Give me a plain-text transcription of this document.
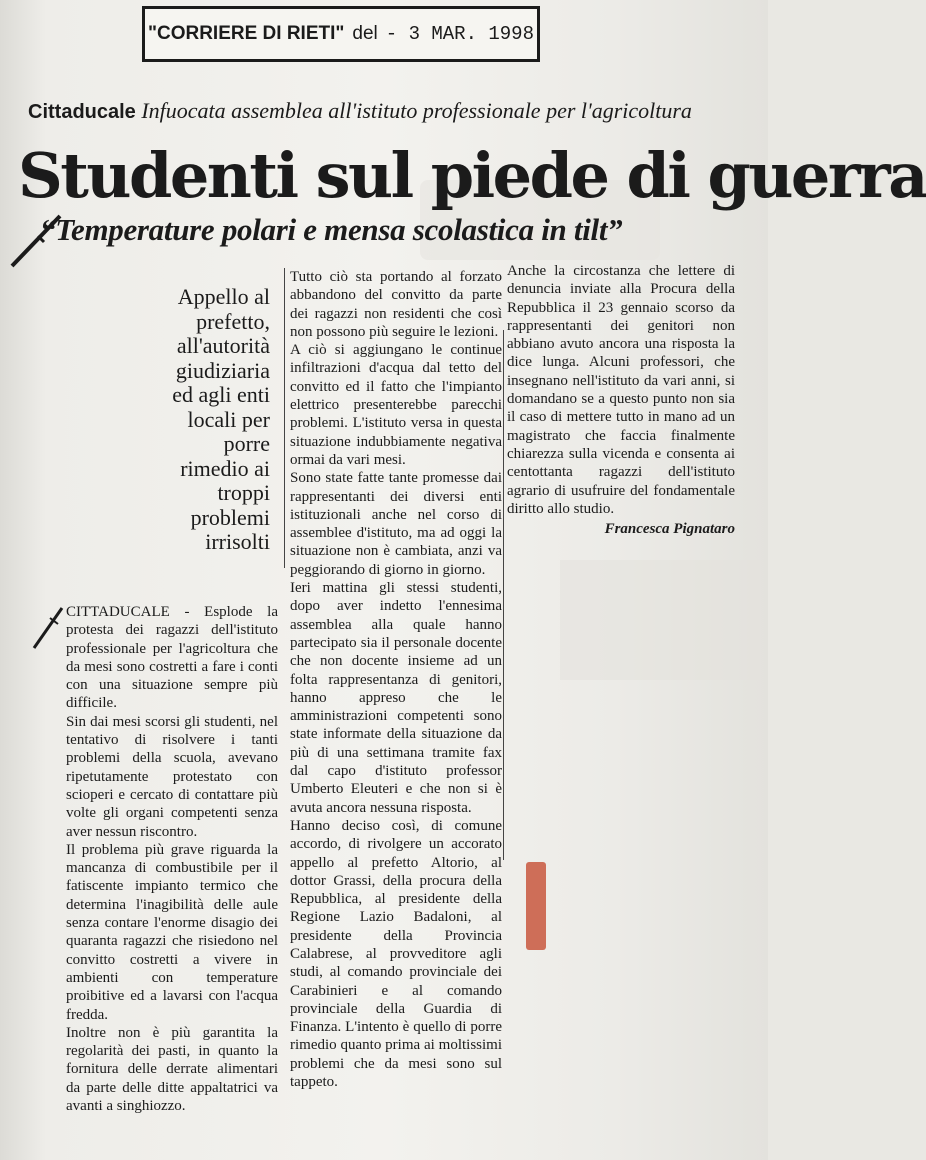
"CORRIERE DI RIETI" del - 3 MAR. 1998
Cittaducale Infuocata assemblea all'istituto professionale per l'agricoltura
Studenti sul piede di guerra
“Temperature polari e mensa scolastica in tilt”
Appello al prefetto, all'autorità giudiziaria ed agli enti locali per porre rimedio ai troppi problemi irrisolti

CITTADUCALE - Esplode la protesta dei ragazzi dell'istituto professionale per l'agricoltura che da mesi sono costretti a fare i conti con una situazione sempre più difficile.

Sin dai mesi scorsi gli studenti, nel tentativo di risolvere i tanti problemi della scuola, avevano ripetutamente protestato con scioperi e cercato di contattare più volte gli organi competenti senza aver nessun riscontro.

Il problema più grave riguarda la mancanza di combustibile per il fatiscente impianto termico che determina l'inagibilità delle aule senza contare l'enorme disagio dei quaranta ragazzi che risiedono nel convitto costretti a vivere in ambienti con temperature proibitive ed a lavarsi con l'acqua fredda.

Inoltre non è più garantita la regolarità dei pasti, in quanto la fornitura delle derrate alimentari da parte delle ditte appaltatrici va avanti a singhiozzo.

Tutto ciò sta portando al forzato abbandono del convitto da parte dei ragazzi non residenti che così non possono più seguire le lezioni.

A ciò si aggiungano le continue infiltrazioni d'acqua dal tetto del convitto ed il fatto che l'impianto elettrico presenterebbe parecchi problemi. L'istituto versa in questa situazione indubbiamente negativa ormai da vari mesi.

Sono state fatte tante promesse dai rappresentanti dei diversi enti istituzionali anche nel corso di assemblee d'istituto, ma ad oggi la situazione non è cambiata, anzi va peggiorando di giorno in giorno.

Ieri mattina gli stessi studenti, dopo aver indetto l'ennesima assemblea alla quale hanno partecipato sia il personale docente che non docente insieme ad un folta rappresentanza di genitori, hanno appreso che le amministrazioni competenti sono state informate della situazione da più di una settimana tramite fax dal capo d'istituto professor Umberto Eleuteri e che non si è avuta ancora nessuna risposta.

Hanno deciso così, di comune accordo, di rivolgere un accorato appello al prefetto Altorio, al dottor Grassi, della procura della Repubblica, al presidente della Regione Lazio Badaloni, al presidente della Provincia Calabrese, al provveditore agli studi, al comando provinciale dei Carabinieri e al comando provinciale della Guardia di Finanza. L'intento è quello di porre rimedio quanto prima ai moltissimi problemi che da mesi sono sul tappeto.

Anche la circostanza che lettere di denuncia inviate alla Procura della Repubblica il 23 gennaio scorso da rappresentanti dei genitori non abbiano avuto ancora una risposta la dice lunga. Alcuni professori, che insegnano nell'istituto da vari anni, si domandano se a questo punto non sia il caso di mettere tutto in mano ad un magistrato che faccia finalmente chiarezza sulla vicenda e consenta ai centottanta ragazzi dell'istituto agrario di usufruire del fondamentale diritto allo studio.

Francesca Pignataro
